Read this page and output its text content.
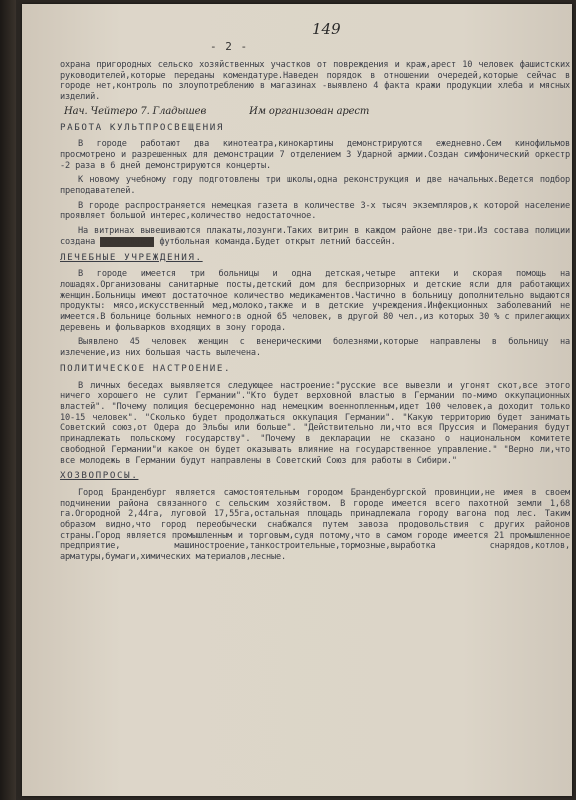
149
- 2 -

охрана пригородных сельско хозяйственных участков от повреждения и краж,арест 10 человек фашистских руководителей,которые переданы комендатуре.Наведен порядок в отношении очередей,которые сейчас в городе нет,контроль по злоупотреблению в магазинах -выявлено 4 факта кражи продукции хлеба и мясных изделий.

Нач. Чейтеро 7. Гладышев	Им организован ареcт
РАБОТА КУЛЬТПРОСВЕЩЕНИЯ

В городе работают два кинотеатра,кинокартины демонстрируются ежедневно.Сем кинофильмов просмотрено и разрешенных для демонстрации 7 отделением З Ударной армии.Создан симфонический оркестр -2 раза в 6 дней демонстрируются концерты.

К новому учебному году подготовлены три школы,одна реконструкция и две начальных.Ведется подбор преподавателей.

В городе распространяется немецкая газета в количестве 3-х тысяч экземпляров,к которой население проявляет большой интерес,количество недостаточное.

На витринах вывешиваются плакаты,лозунги.Таких витрин в каждом районе две-три.Из состава полиции создана футбольная футбольная команда.Будет открыт летний бассейн.

ЛЕЧЕБНЫЕ УЧРЕЖДЕНИЯ.

В городе имеется три больницы и одна детская,четыре аптеки и скорая помощь на лошадях.Организованы санитарные посты,детский дом для беспризорных и детские ясли для работающих женщин.Больницы имеют достаточное количество медикаментов.Частично в больницу дополнительно выдаются продукты: мясо,искусственный мед,молоко,также и в детские учреждения.Инфекционных заболеваний не имеется.В больнице больных немного:в одной 65 человек, в другой 80 чел.,из которых 30 % с прилегающих деревень и фольварков входящих в зону города.

Выявлено 45 человек женщин с венерическими болезнями,которые направлены в больницу на излечение,из них большая часть вылечена.

ПОЛИТИЧЕСКОЕ НАСТРОЕНИЕ.

В личных беседах выявляется следующее настроение:"русские все вывезли и угонят скот,все этого ничего хорошего не сулит Германии"."Кто будет верховной властью в Германии по-мимо оккупационных властей". "Почему полиция бесцеремонно над немецким военнопленным,идет 100 человек,а доходит только 10-15 человек". "Сколько будет продолжаться оккупация Германии". "Какую территорию будет занимать Советский союз,от Одера до Эльбы или больше". "Действительно ли,что вся Пруссия и Померания будут принадлежать польскому государству". "Почему в декларации не сказано о национальном комитете свободной Германии"и какое он будет оказывать влияние на государственное управление." "Верно ли,что все молодежь в Германии будут направлены в Советский Союз для работы в Сибири."

ХОЗВОПРОСЫ.

Город Бранденбург является самостоятельным городом Бранденбургской провинции,не имея в своем подчинении района связанного с сельским хозяйством. В городе имеется всего пахотной земли 1,68 га.Огородной 2,44га, луговой 17,55га,остальная площадь принадлежала городу вагона под лес. Таким образом видно,что город переобычески снабжался путем завоза продовольствия с других районов страны.Город является промышленным и торговым,судя потому,что в самом городе имеется 21 промышленное предприятие, машиностроение,танкостроительные,тормозные,выработка снарядов,котлов, арматуры,бумаги,химических материалов,лесные.
